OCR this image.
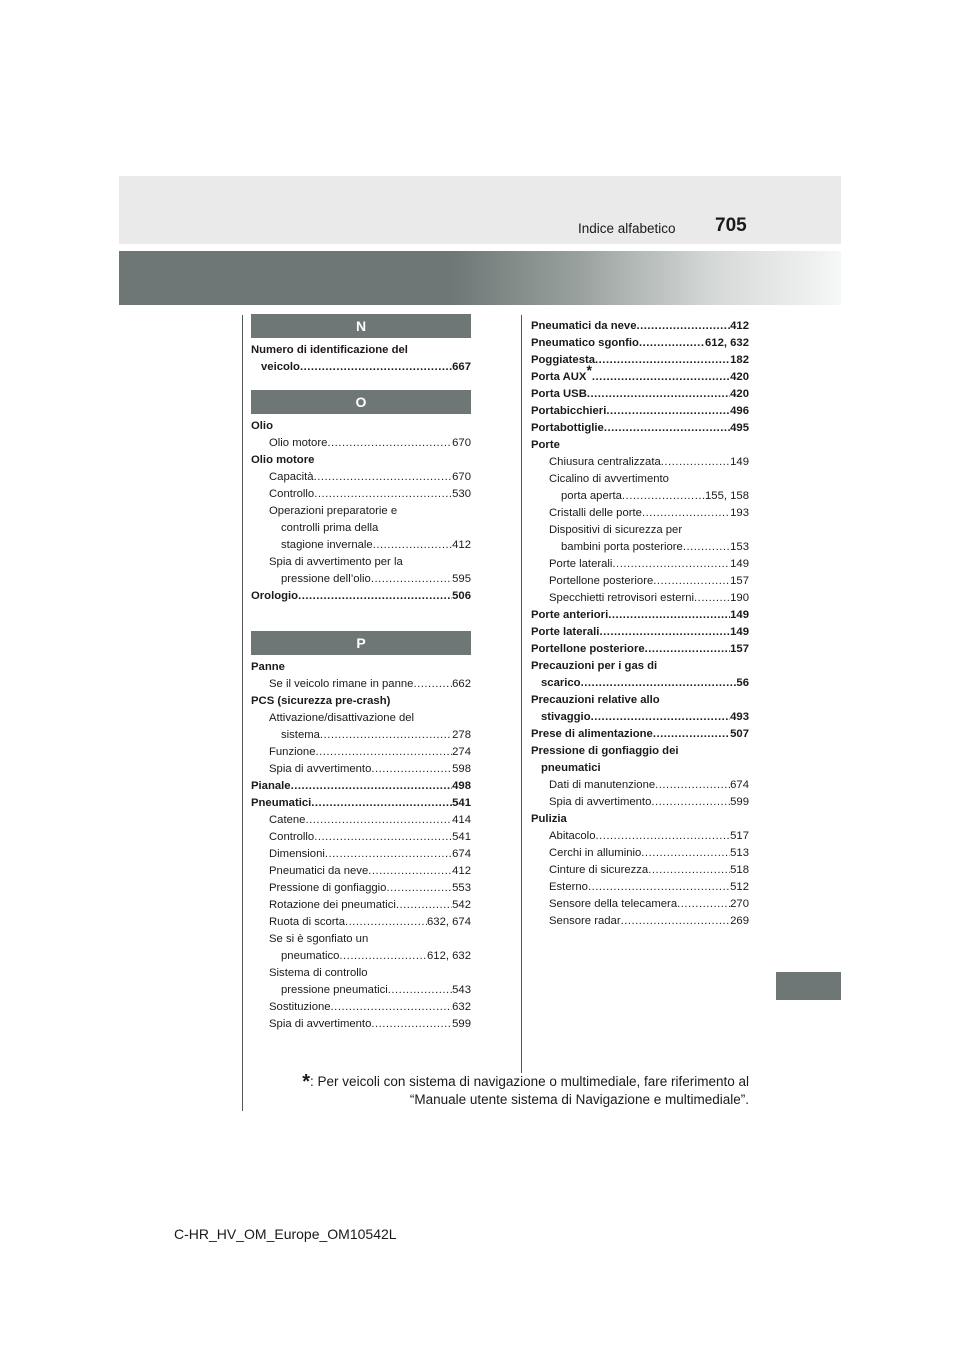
705
Indice alfabetico
N
Numero di identificazione del
veicolo .....	667
O
Olio
Olio motore .....	670
Olio motore
Capacità .....	670
Controllo .....	530
Operazioni preparatorie e
controlli prima della
stagione invernale .....	412
Spia di avvertimento per la
pressione dell’olio .....	595
Orologio .....	506
P
Panne
Se il veicolo rimane in panne .....	662
PCS (sicurezza pre-crash)
Attivazione/disattivazione del
sistema .....	278
Funzione .....	274
Spia di avvertimento .....	598
Pianale .....	498
Pneumatici .....	541
Catene .....	414
Controllo .....	541
Dimensioni .....	674
Pneumatici da neve .....	412
Pressione di gonfiaggio .....	553
Rotazione dei pneumatici .....	542
Ruota di scorta .....	632, 674
Se si è sgonfiato un
pneumatico .....	612, 632
Sistema di controllo
pressione pneumatici .....	543
Sostituzione .....	632
Spia di avvertimento .....	599
Pneumatici da neve .....	412
Pneumatico sgonfio .....	612, 632
Poggiatesta .....	182
Porta AUX* .....	420
Porta USB .....	420
Portabicchieri .....	496
Portabottiglie .....	495
Porte
Chiusura centralizzata .....	149
Cicalino di avvertimento
porta aperta .....	155, 158
Cristalli delle porte .....	193
Dispositivi di sicurezza per
bambini porta posteriore .....	153
Porte laterali .....	149
Portellone posteriore .....	157
Specchietti retrovisori esterni .....	190
Porte anteriori .....	149
Porte laterali .....	149
Portellone posteriore .....	157
Precauzioni per i gas di
scarico .....	56
Precauzioni relative allo
stivaggio .....	493
Prese di alimentazione .....	507
Pressione di gonfiaggio dei
pneumatici
Dati di manutenzione .....	674
Spia di avvertimento .....	599
Pulizia
Abitacolo .....	517
Cerchi in alluminio .....	513
Cinture di sicurezza .....	518
Esterno .....	512
Sensore della telecamera .....	270
Sensore radar .....	269
*: Per veicoli con sistema di navigazione o multimediale, fare riferimento al
“Manuale utente sistema di Navigazione e multimediale”.
C-HR_HV_OM_Europe_OM10542L
